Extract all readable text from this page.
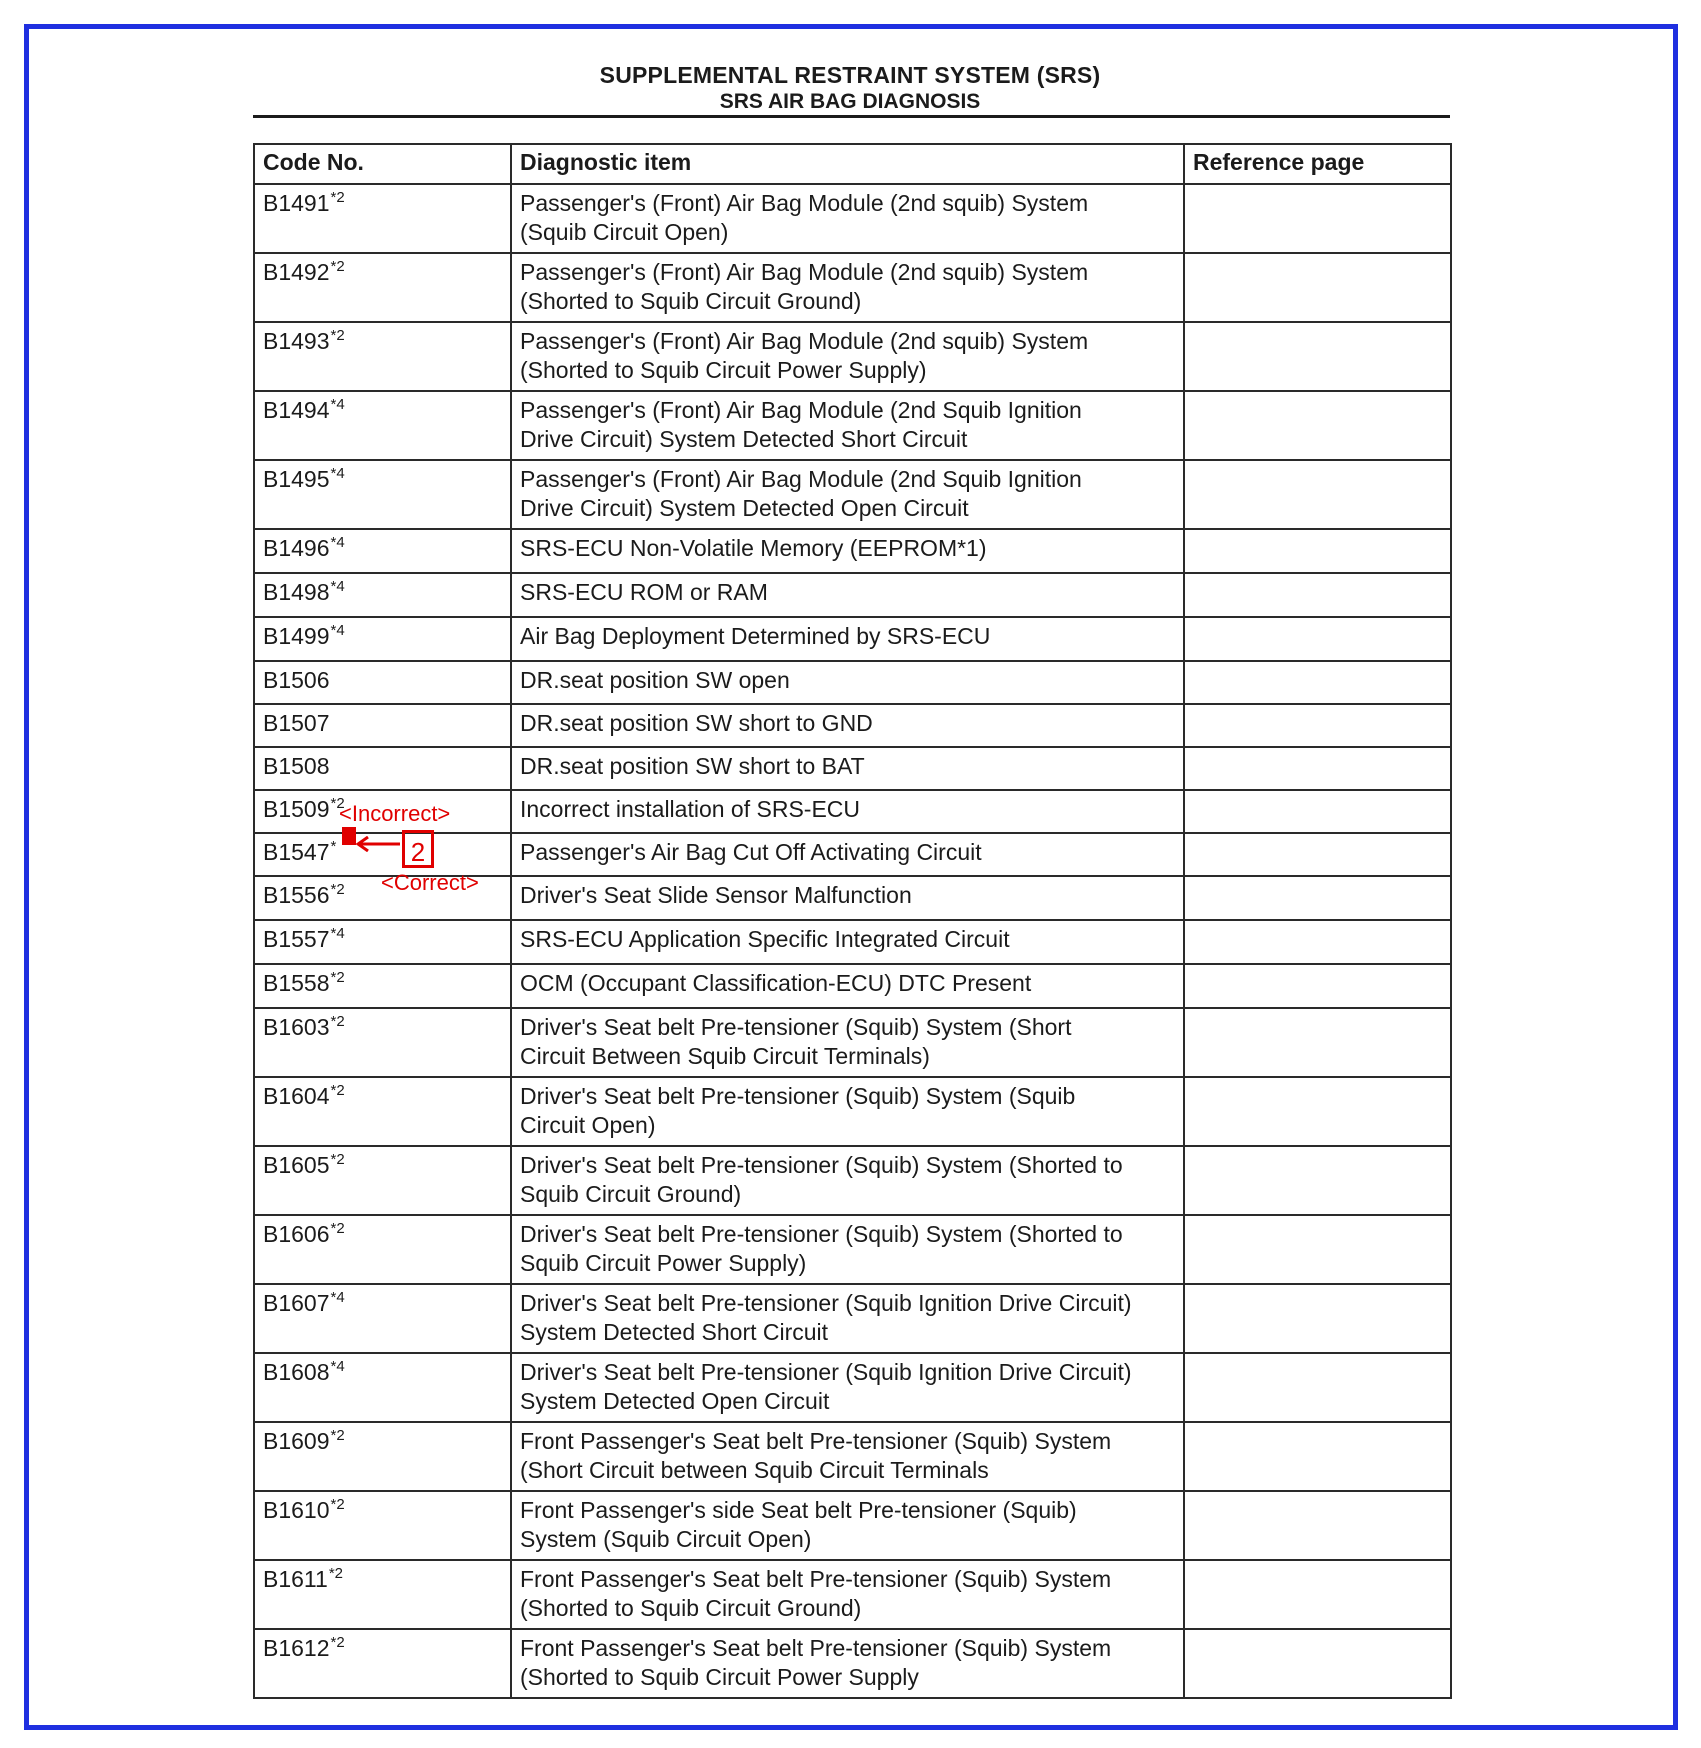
SUPPLEMENTAL RESTRAINT SYSTEM (SRS)
SRS AIR BAG DIAGNOSIS
Code No.	Diagnostic item	Reference page
B1491$^{*2}$	Passenger's (Front) Air Bag Module (2nd squib) System
(Squib Circuit Open)	

B1492$^{*2}$	Passenger's (Front) Air Bag Module (2nd squib) System
(Shorted to Squib Circuit Ground)	

B1493$^{*2}$	Passenger's (Front) Air Bag Module (2nd squib) System
(Shorted to Squib Circuit Power Supply)	

B1494$^{*4}$	Passenger's (Front) Air Bag Module (2nd Squib Ignition
Drive Circuit) System Detected Short Circuit	

B1495$^{*4}$	Passenger's (Front) Air Bag Module (2nd Squib Ignition
Drive Circuit) System Detected Open Circuit	

B1496$^{*4}$	SRS-ECU Non-Volatile Memory (EEPROM*1)	

B1498$^{*4}$	SRS-ECU ROM or RAM	

B1499$^{*4}$	Air Bag Deployment Determined by SRS-ECU	

B1506	DR.seat position SW open	

B1507	DR.seat position SW short to GND	

B1508	DR.seat position SW short to BAT	

B1509$^{*2}$	Incorrect installation of SRS-ECU	

B1547*	Passenger's Air Bag Cut Off Activating Circuit	

B1556$^{*2}$	Driver's Seat Slide Sensor Malfunction	

B1557$^{*4}$	SRS-ECU Application Specific Integrated Circuit	

B1558$^{*2}$	OCM (Occupant Classification-ECU) DTC Present	

B1603$^{*2}$	Driver's Seat belt Pre-tensioner (Squib) System (Short
Circuit Between Squib Circuit Terminals)	

B1604$^{*2}$	Driver's Seat belt Pre-tensioner (Squib) System (Squib
Circuit Open)	

B1605$^{*2}$	Driver's Seat belt Pre-tensioner (Squib) System (Shorted to
Squib Circuit Ground)	

B1606$^{*2}$	Driver's Seat belt Pre-tensioner (Squib) System (Shorted to
Squib Circuit Power Supply)	

B1607$^{*4}$	Driver's Seat belt Pre-tensioner (Squib Ignition Drive Circuit)
System Detected Short Circuit	

B1608$^{*4}$	Driver's Seat belt Pre-tensioner (Squib Ignition Drive Circuit)
System Detected Open Circuit	

B1609$^{*2}$	Front Passenger's Seat belt Pre-tensioner (Squib) System
(Short Circuit between Squib Circuit Terminals	

B1610$^{*2}$	Front Passenger's side Seat belt Pre-tensioner (Squib)
System (Squib Circuit Open)	

B1611$^{*2}$	Front Passenger's Seat belt Pre-tensioner (Squib) System
(Shorted to Squib Circuit Ground)	

B1612$^{*2}$	Front Passenger's Seat belt Pre-tensioner (Squib) System
(Shorted to Squib Circuit Power Supply	

<Incorrect>
2
<Correct>
